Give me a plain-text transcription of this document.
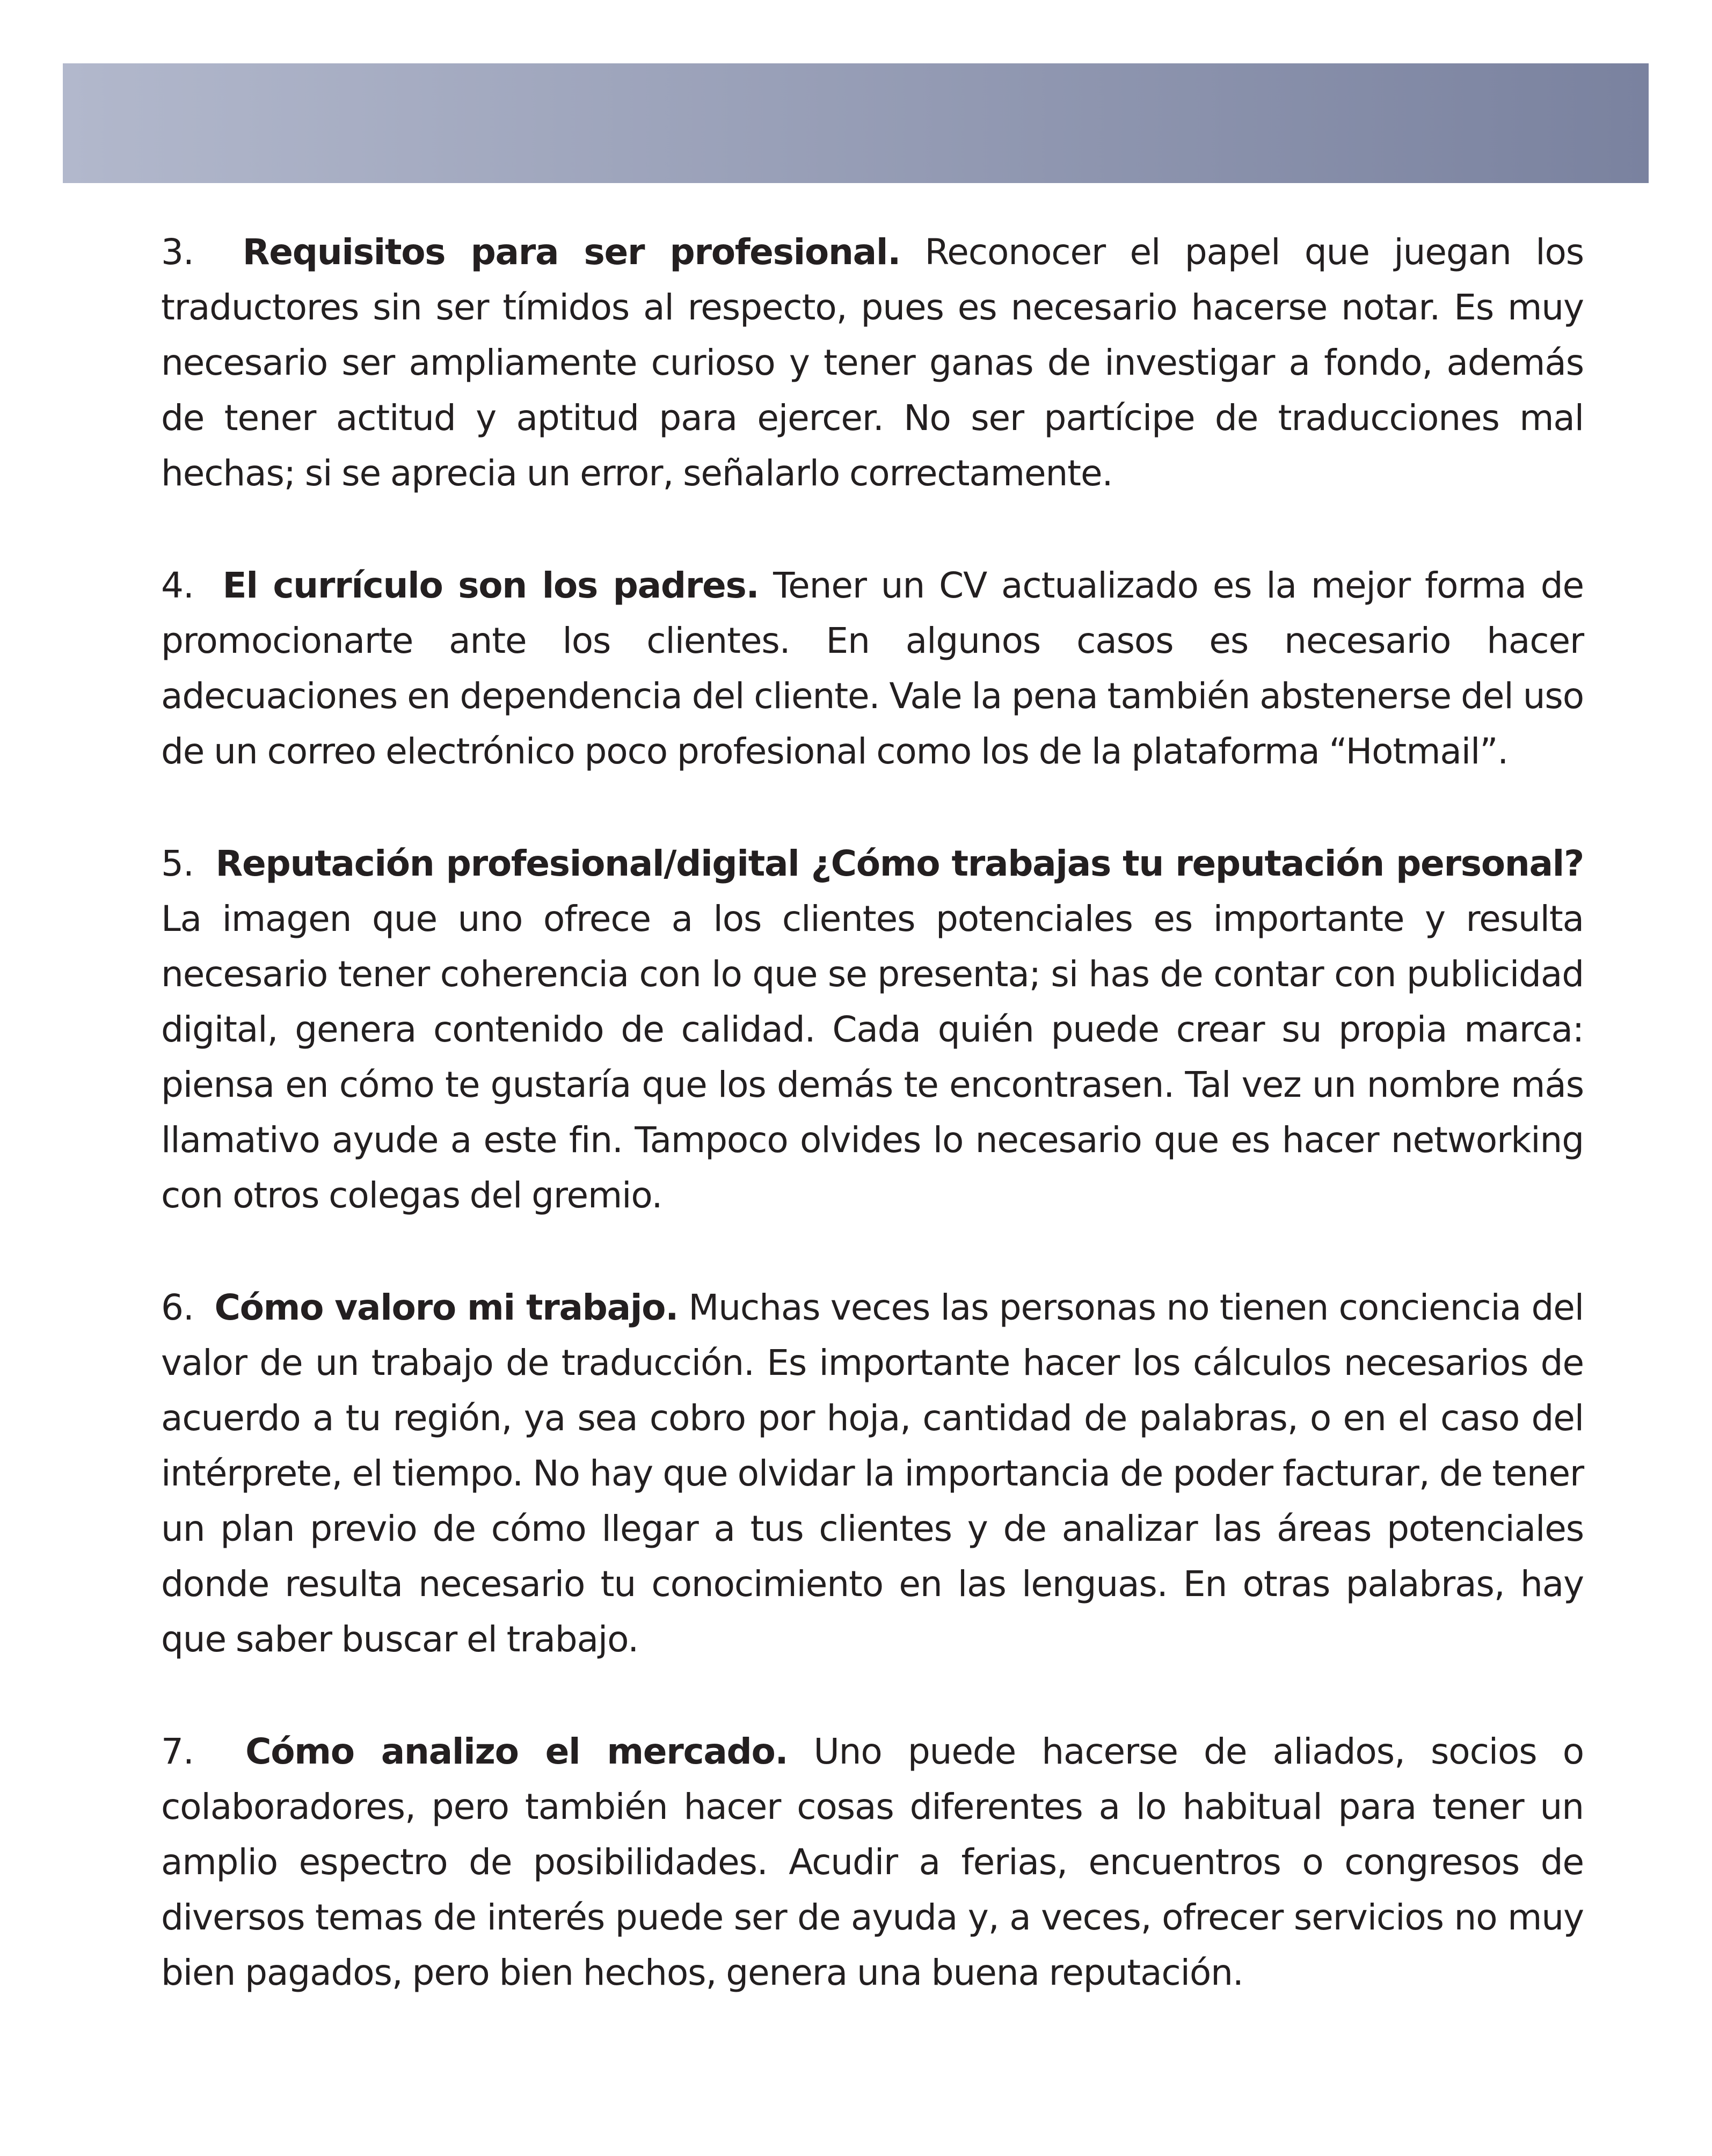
3. Requisitos para ser profesional. Reconocer el papel que juegan los traductores sin ser tímidos al respecto, pues es necesario hacerse notar. Es muy necesario ser ampliamente curioso y tener ganas de investigar a fondo, además de tener actitud y aptitud para ejercer. No ser partícipe de traducciones mal hechas; si se aprecia un error, señalarlo correctamente.

4. El currículo son los padres. Tener un CV actualizado es la mejor forma de promocionarte ante los clientes. En algunos casos es necesario hacer adecuaciones en dependencia del cliente. Vale la pena también abstenerse del uso de un correo electrónico poco profesional como los de la plataforma “Hotmail”.

5. Reputación profesional/digital ¿Cómo trabajas tu reputación personal? La imagen que uno ofrece a los clientes potenciales es importante y resulta necesario tener coherencia con lo que se presenta; si has de contar con publicidad digital, genera contenido de calidad. Cada quién puede crear su propia marca: piensa en cómo te gustaría que los demás te encontrasen. Tal vez un nombre más llamativo ayude a este fin. Tampoco olvides lo necesario que es hacer networking con otros colegas del gremio.

6. Cómo valoro mi trabajo. Muchas veces las personas no tienen conciencia del valor de un trabajo de traducción. Es importante hacer los cálculos necesarios de acuerdo a tu región, ya sea cobro por hoja, cantidad de palabras, o en el caso del intérprete, el tiempo. No hay que olvidar la importancia de poder facturar, de tener un plan previo de cómo llegar a tus clientes y de analizar las áreas potenciales donde resulta necesario tu conocimiento en las lenguas. En otras palabras, hay que saber buscar el trabajo.

7. Cómo analizo el mercado. Uno puede hacerse de aliados, socios o colaboradores, pero también hacer cosas diferentes a lo habitual para tener un amplio espectro de posibilidades. Acudir a ferias, encuentros o congresos de diversos temas de interés puede ser de ayuda y, a veces, ofrecer servicios no muy bien pagados, pero bien hechos, genera una buena reputación.
